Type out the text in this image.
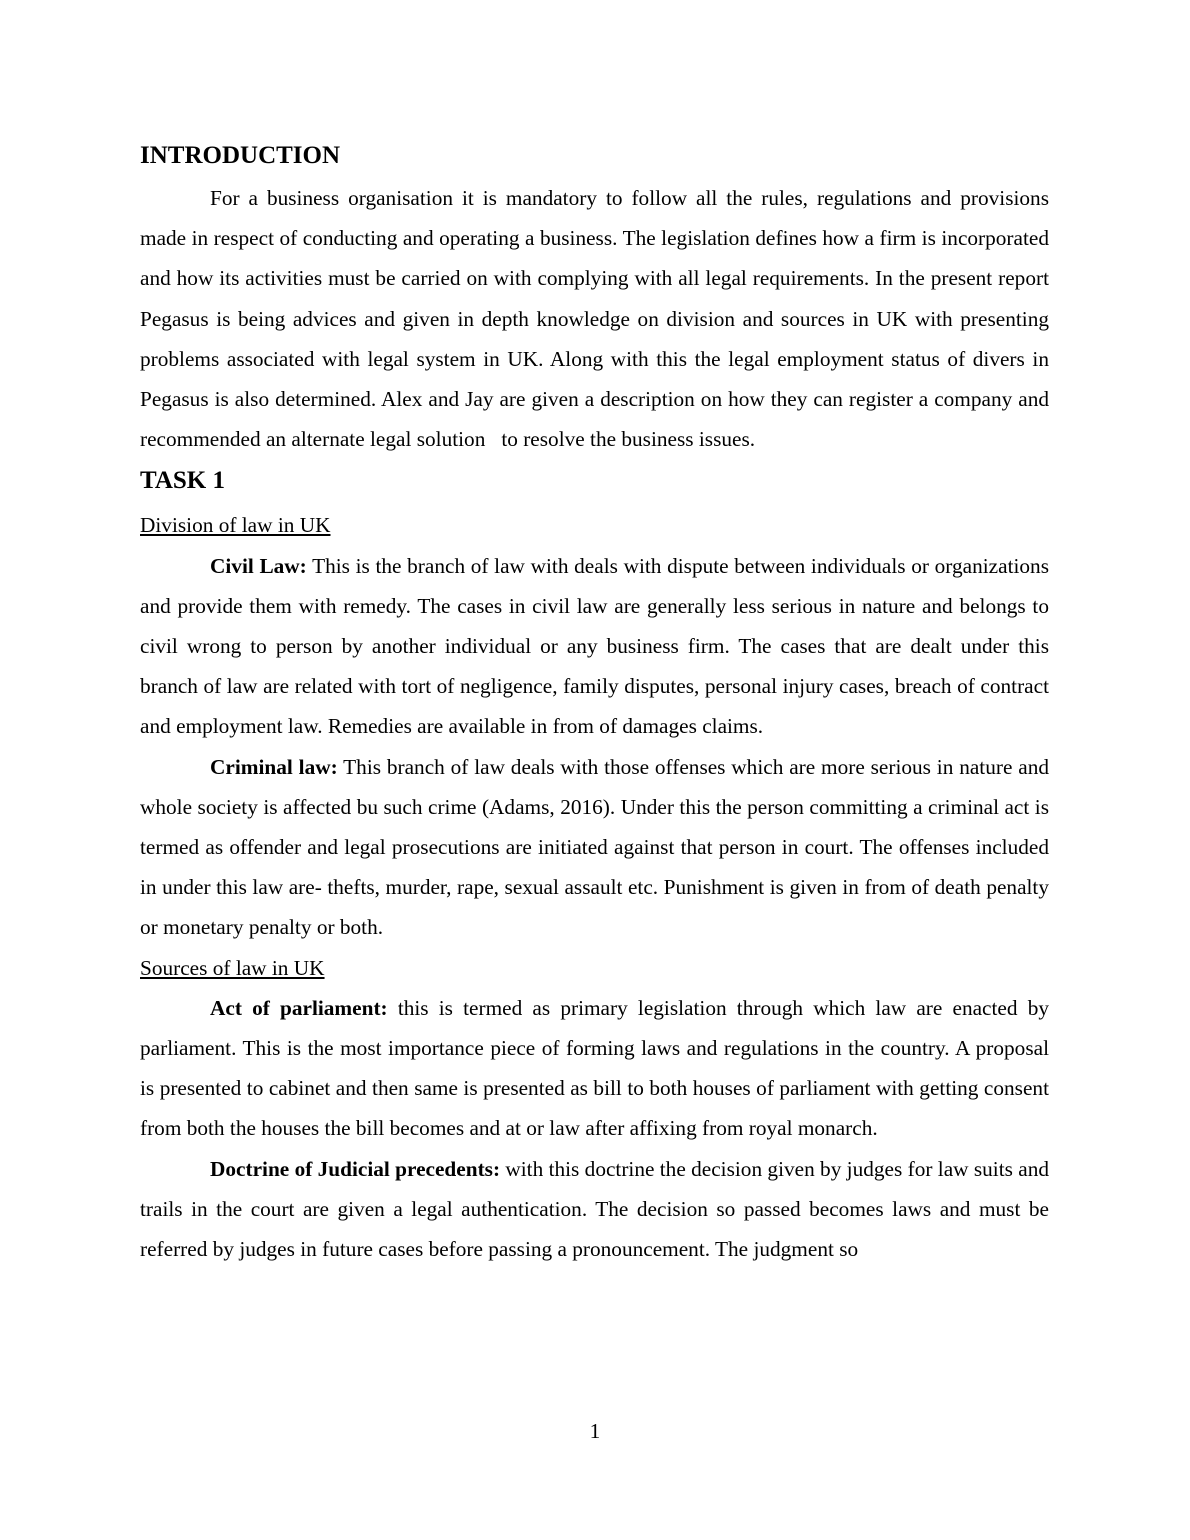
INTRODUCTION

For a business organisation it is mandatory to follow all the rules, regulations and provisions made in respect of conducting and operating a business. The legislation defines how a firm is incorporated and how its activities must be carried on with complying with all legal requirements. In the present report Pegasus is being advices and given in depth knowledge on division and sources in UK with presenting   problems associated with legal system in UK. Along with this the legal employment status of divers in Pegasus is also determined. Alex and Jay are given a description on how they can register a company and recommended an alternate legal solution   to resolve the business issues.

TASK 1

Division of law in UK

Civil Law: This is the branch of law with deals with dispute between individuals or organizations and provide them with remedy. The cases in civil law are generally less serious in nature and belongs to civil wrong to person by another individual or any business firm. The cases that are dealt under this branch of law are related with tort of negligence, family disputes, personal injury cases, breach of contract and employment law. Remedies are available in from of damages claims.

Criminal law: This branch of law deals with those offenses which are more serious in nature and whole society is affected bu such crime (Adams, 2016). Under this the person committing a criminal act is termed as offender and legal prosecutions are initiated against that person in court. The offenses included in under this law are- thefts, murder, rape, sexual assault etc. Punishment is given in from of death penalty or monetary penalty or both.

Sources of law in UK

Act of parliament: this is termed as primary legislation through which law are enacted by parliament. This is the most importance piece of forming laws and regulations in the country. A proposal is presented to cabinet and then same is presented as bill to both houses of parliament with getting consent from both the houses the bill becomes and at or law after affixing from royal monarch.

Doctrine of Judicial precedents: with this doctrine the decision given by judges for law suits and trails in the court are given a legal authentication. The decision so passed becomes laws and must be referred by judges in future cases before passing a pronouncement. The judgment so

1
